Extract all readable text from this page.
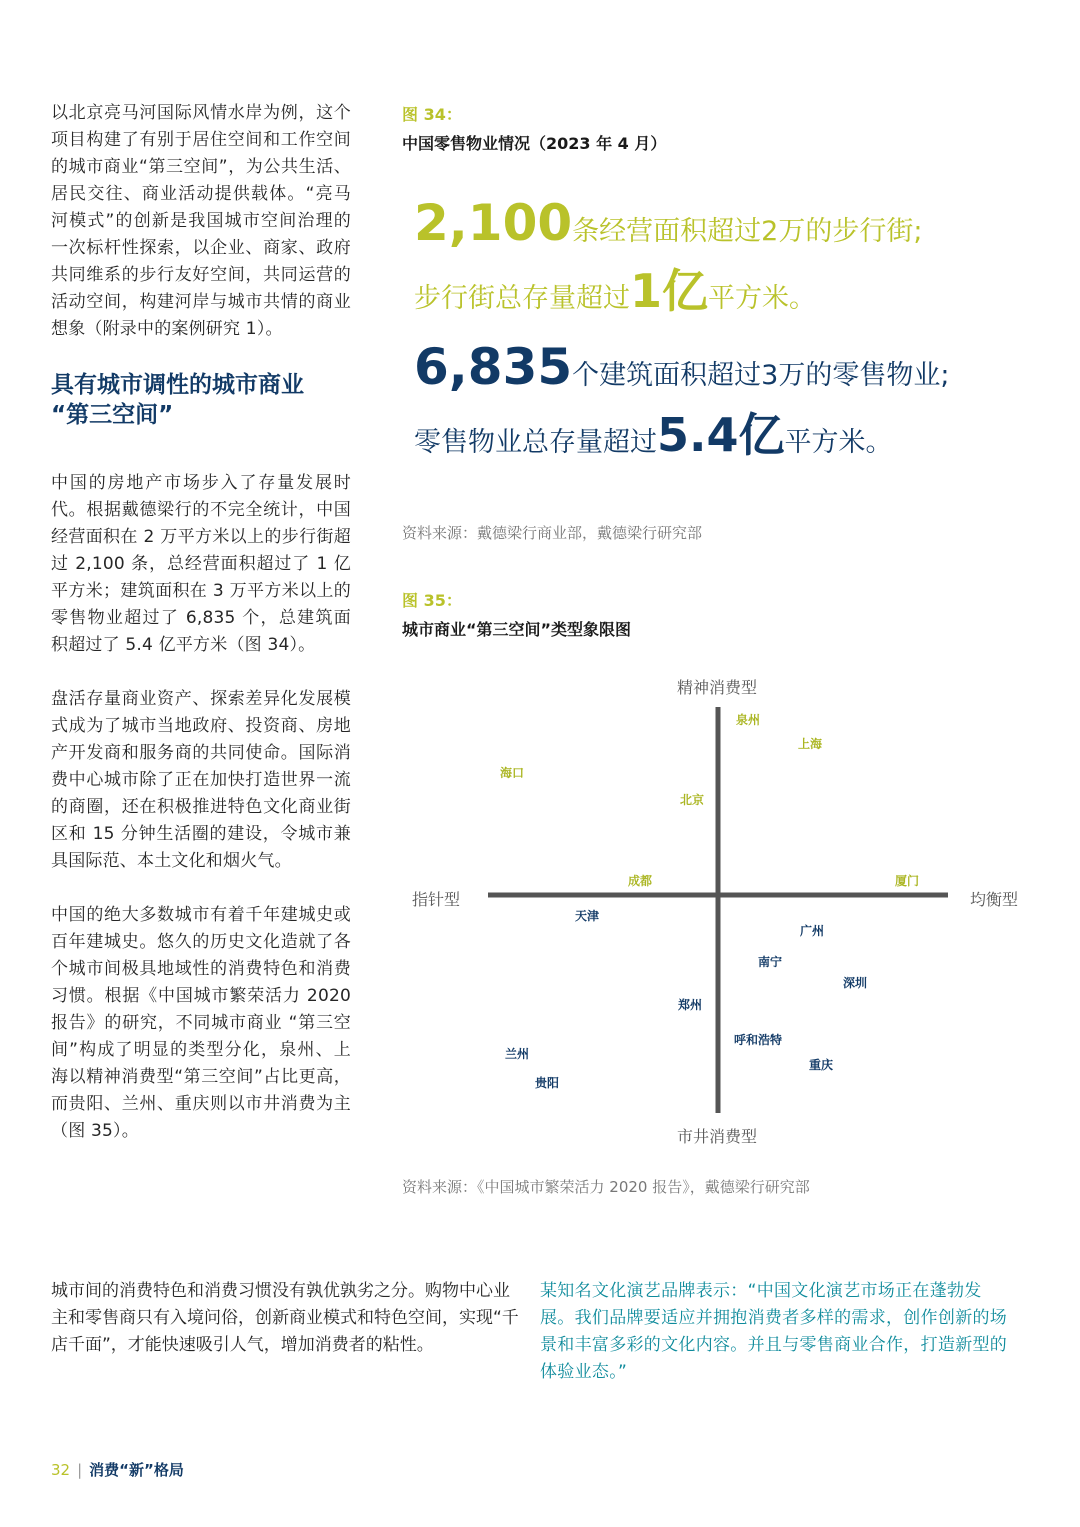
以北京亮马河国际风情水岸为例，这个项目构建了有别于居住空间和工作空间的城市商业“第三空间”，为公共生活、居民交往、商业活动提供载体。“亮马河模式”的创新是我国城市空间治理的一次标杆性探索，以企业、商家、政府共同维系的步行友好空间，共同运营的活动空间，构建河岸与城市共情的商业想象（附录中的案例研究 1）。

具有城市调性的城市商业
“第三空间”

中国的房地产市场步入了存量发展时代。根据戴德梁行的不完全统计，中国经营面积在 2 万平方米以上的步行街超过 2,100 条，总经营面积超过了 1 亿平方米；建筑面积在 3 万平方米以上的零售物业超过了 6,835 个，总建筑面积超过了 5.4 亿平方米（图 34）。

盘活存量商业资产、探索差异化发展模式成为了城市当地政府、投资商、房地产开发商和服务商的共同使命。国际消费中心城市除了正在加快打造世界一流的商圈，还在积极推进特色文化商业街区和 15 分钟生活圈的建设，令城市兼具国际范、本土文化和烟火气。

中国的绝大多数城市有着千年建城史或百年建城史。悠久的历史文化造就了各个城市间极具地域性的消费特色和消费习惯。根据《中国城市繁荣活力 2020 报告》的研究，不同城市商业 “第三空间”构成了明显的类型分化，泉州、上海以精神消费型“第三空间”占比更高，而贵阳、兰州、重庆则以市井消费为主（图 35）。

图 34：
中国零售物业情况（2023 年 4 月）
2,100条经营面积超过2万的步行街;
步行街总存量超过1亿平方米。
6,835个建筑面积超过3万的零售物业;
零售物业总存量超过5.4亿平方米。
资料来源：戴德梁行商业部，戴德梁行研究部
图 35：
城市商业“第三空间”类型象限图
精神消费型
市井消费型
指针型	均衡型
泉州
上海
海口
北京
成都	厦门
天津
广州
南宁
深圳
郑州
呼和浩特
兰州
重庆
贵阳
资料来源：《中国城市繁荣活力 2020 报告》，戴德梁行研究部

城市间的消费特色和消费习惯没有孰优孰劣之分。购物中心业主和零售商只有入境问俗，创新商业模式和特色空间，实现“千店千面”，才能快速吸引人气，增加消费者的粘性。

某知名文化演艺品牌表示：“中国文化演艺市场正在蓬勃发展。我们品牌要适应并拥抱消费者多样的需求，创作创新的场景和丰富多彩的文化内容。并且与零售商业合作，打造新型的体验业态。”

32 | 消费“新”格局
